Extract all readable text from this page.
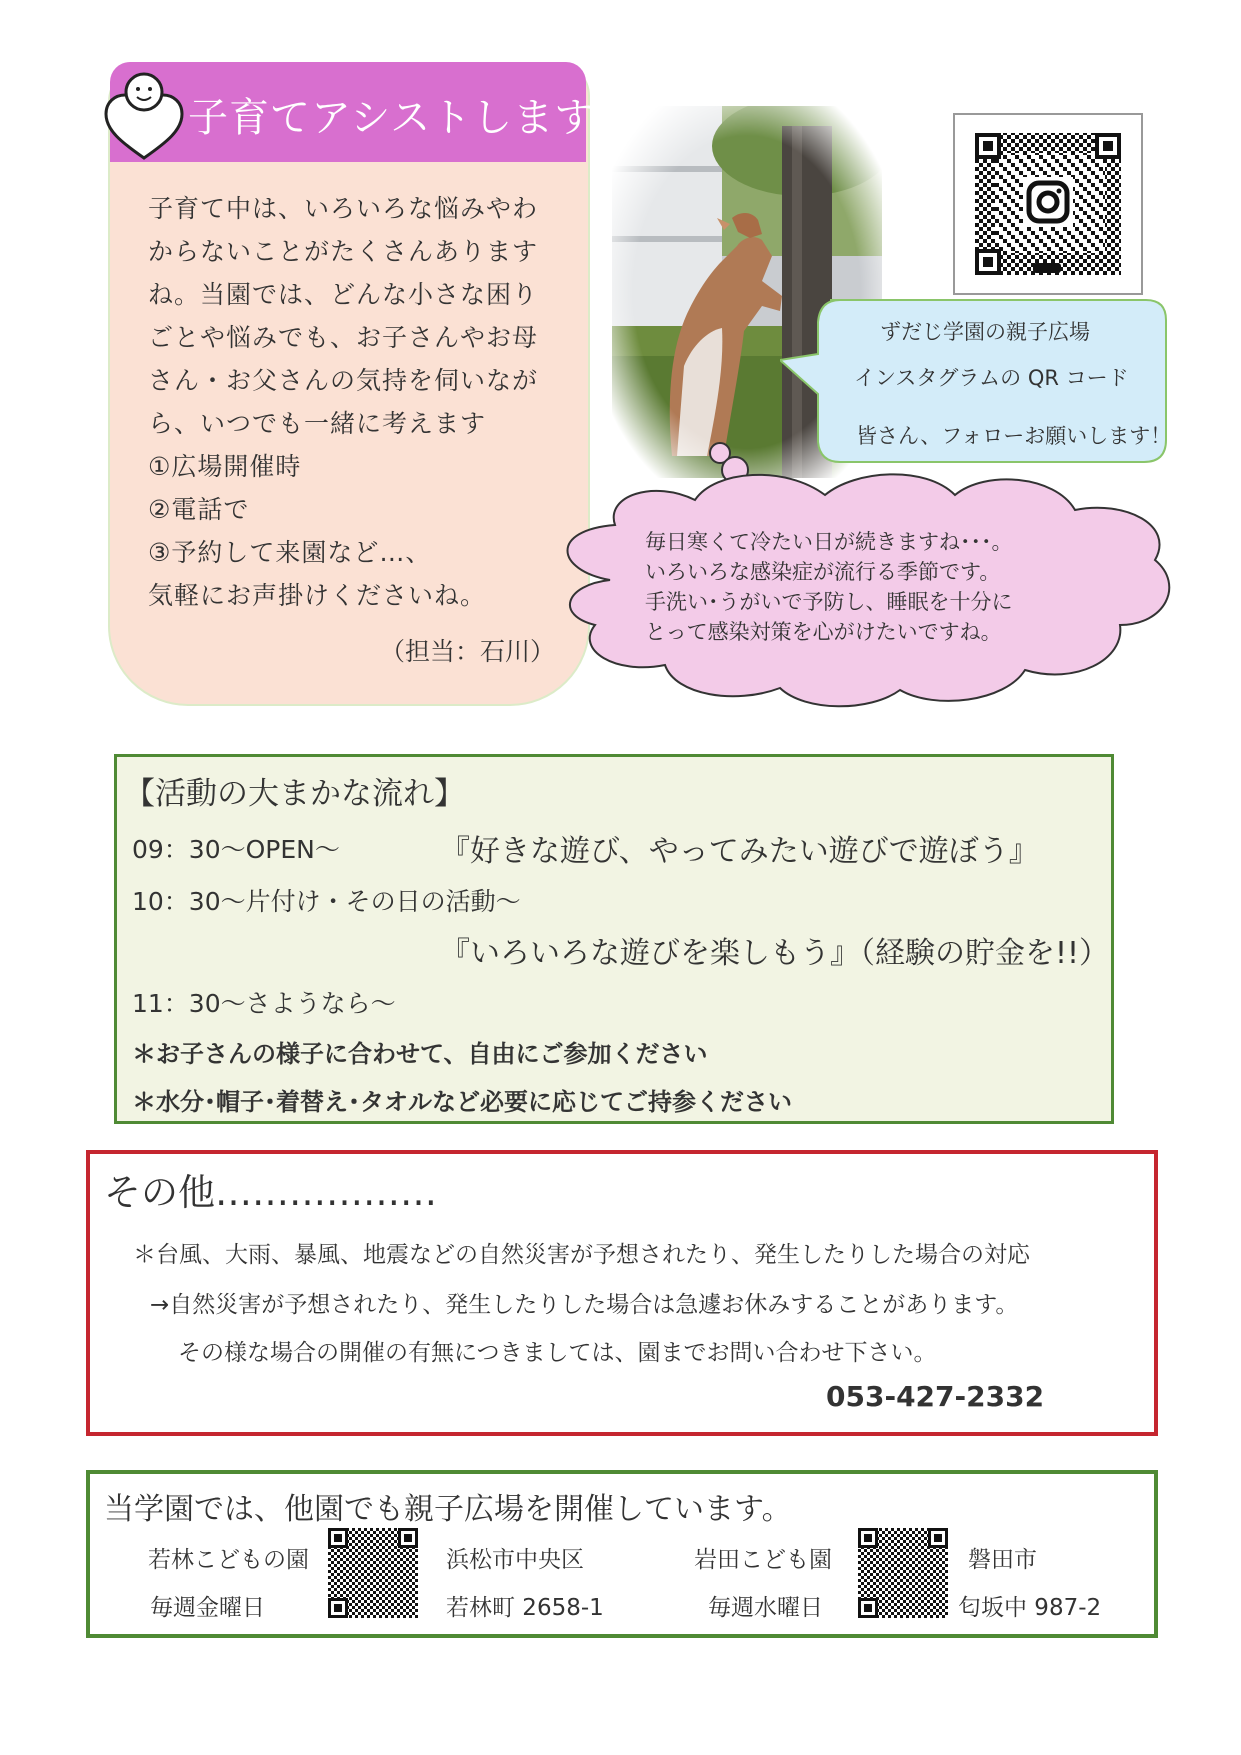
子育てアシストします
子育て中は、いろいろな悩みやわ
からないことがたくさんあります
ね。当園では、どんな小さな困り
ごとや悩みでも、お子さんやお母
さん・お父さんの気持を伺いなが
ら、いつでも一緒に考えます
①広場開催時
②電話で
③予約して来園など…、
気軽にお声掛けくださいね。
（担当：石川）
ずだじ学園の親子広場
インスタグラムの QR コード
皆さん、フォローお願いします！
毎日寒くて冷たい日が続きますね･･･。
いろいろな感染症が流行る季節です。
手洗い･うがいで予防し、睡眠を十分に
とって感染対策を心がけたいですね。
【活動の大まかな流れ】
09：30～OPEN～	『好きな遊び、やってみたい遊びで遊ぼう』
10：30～片付け・その日の活動～
『いろいろな遊びを楽しもう』（経験の貯金を!!）
11：30～さようなら～
＊お子さんの様子に合わせて、自由にご参加ください
＊水分･帽子･着替え･タオルなど必要に応じてご持参ください
その他………………
＊台風、大雨、暴風、地震などの自然災害が予想されたり、発生したりした場合の対応
→自然災害が予想されたり、発生したりした場合は急遽お休みすることがあります。
その様な場合の開催の有無につきましては、園までお問い合わせ下さい。
053-427-2332
当学園では、他園でも親子広場を開催しています。
若林こどもの園
毎週金曜日
浜松市中央区
若林町 2658-1
岩田こども園
毎週水曜日
磐田市
匂坂中 987-2
